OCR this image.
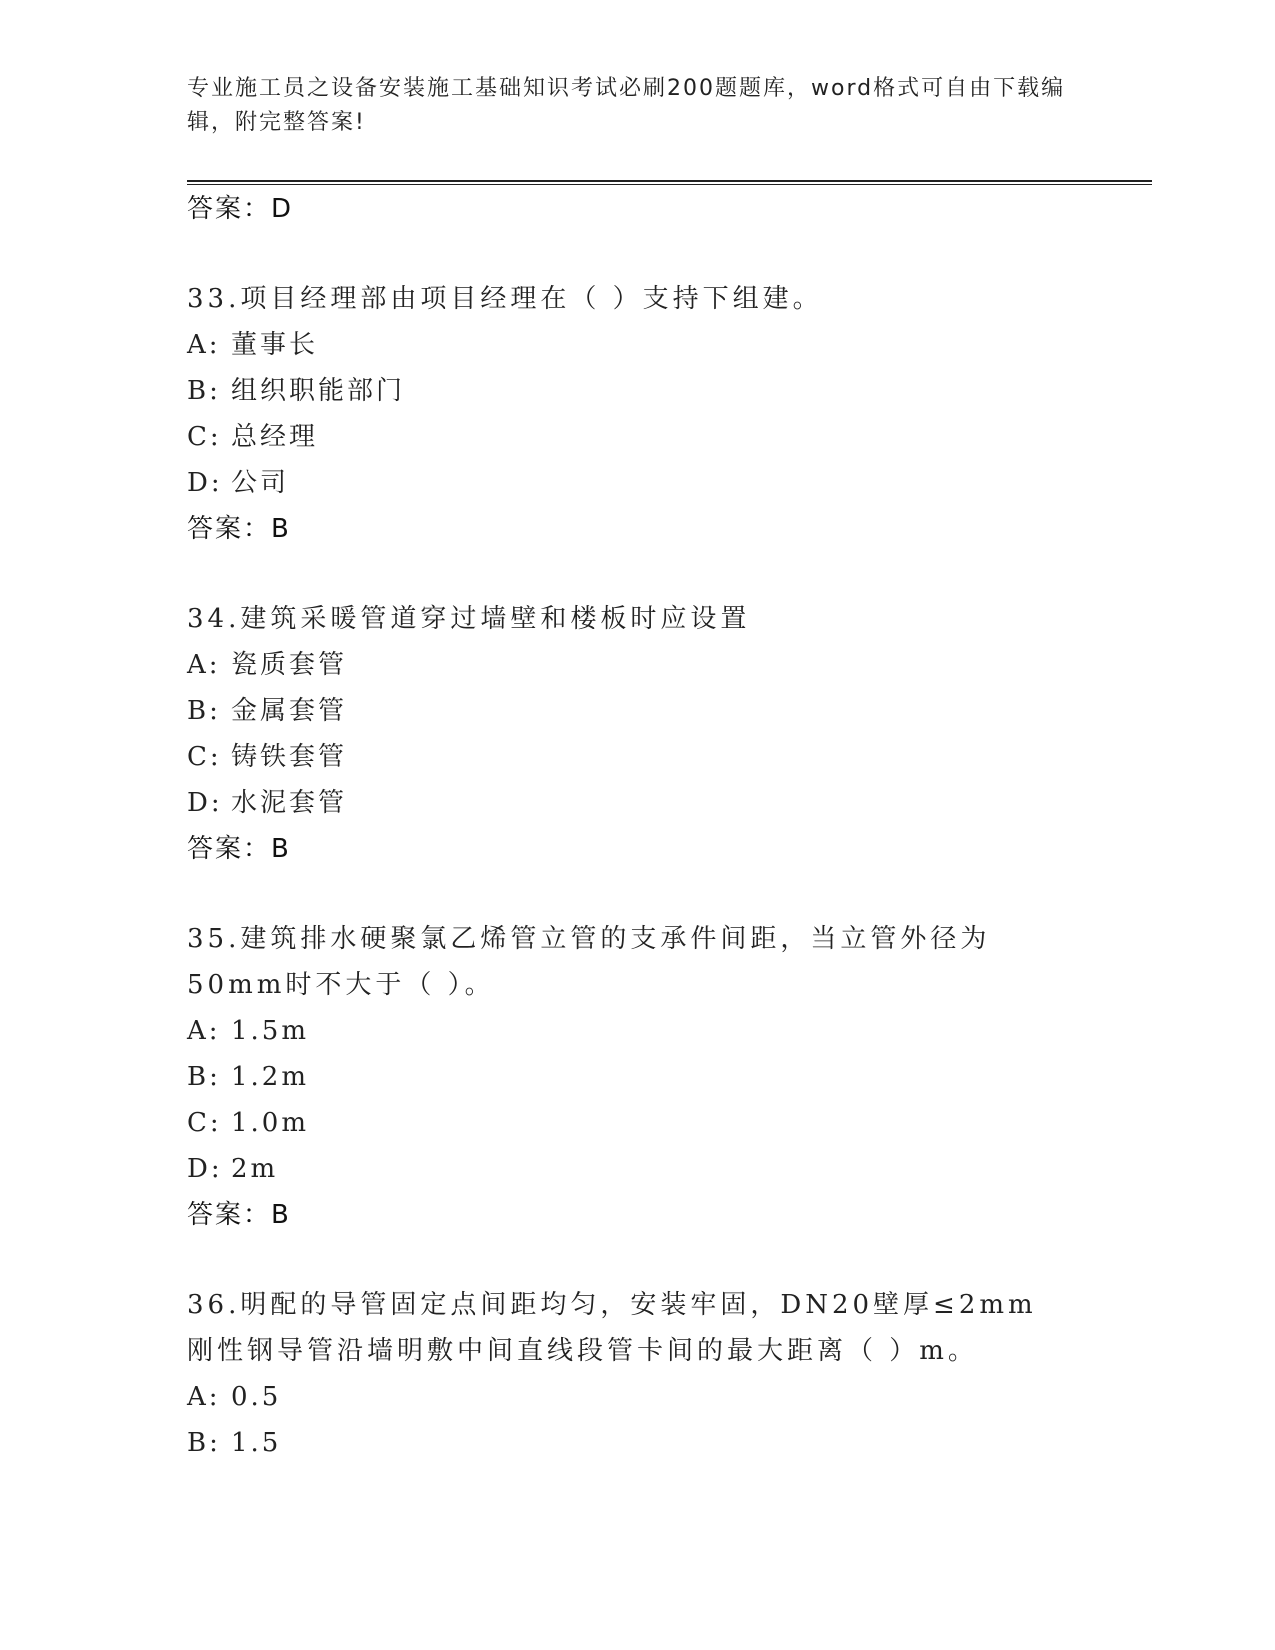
专业施工员之设备安装施工基础知识考试必刷200题题库，word格式可自由下载编辑，附完整答案!
答案：D
33.项目经理部由项目经理在（ ）支持下组建。
A: 董事长
B: 组织职能部门
C: 总经理
D: 公司
答案：B
34.建筑采暖管道穿过墙壁和楼板时应设置
A: 瓷质套管
B: 金属套管
C: 铸铁套管
D: 水泥套管
答案：B
35.建筑排水硬聚氯乙烯管立管的支承件间距，当立管外径为50mm时不大于（ ）。
A: 1.5m
B: 1.2m
C: 1.0m
D: 2m
答案：B
36.明配的导管固定点间距均匀，安装牢固，DN20壁厚≤2mm刚性钢导管沿墙明敷中间直线段管卡间的最大距离（ ）m。
A: 0.5
B: 1.5
